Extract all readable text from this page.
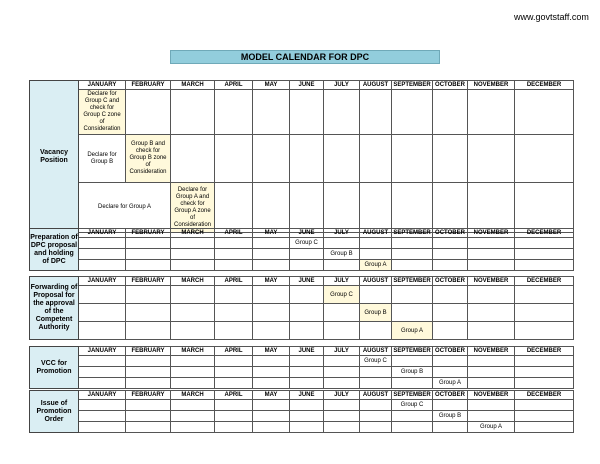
www.govtstaff.com
MODEL CALENDAR FOR DPC
Vacancy Position	JANUARY	FEBRUARY	MARCH	APRIL	MAY	JUNE	JULY	AUGUST	SEPTEMBER	OCTOBER	NOVEMBER	DECEMBER
	Declare for Group C and check for Group C zone of Consideration											
	Declare for Group B	Group B and check for Group B zone of Consideration										
	Declare for Group A		Declare for Group A and check for Group A zone of Consideration									
Preparation of DPC proposal and holding of DPC	JANUARY	FEBRUARY	MARCH	APRIL	MAY	JUNE	JULY	AUGUST	SEPTEMBER	OCTOBER	NOVEMBER	DECEMBER
						Group C						
							Group B					
								Group A				
Forwarding of Proposal for the approval of the Competent Authority	JANUARY	FEBRUARY	MARCH	APRIL	MAY	JUNE	JULY	AUGUST	SEPTEMBER	OCTOBER	NOVEMBER	DECEMBER
							Group C					
								Group B				
									Group A			
VCC for Promotion	JANUARY	FEBRUARY	MARCH	APRIL	MAY	JUNE	JULY	AUGUST	SEPTEMBER	OCTOBER	NOVEMBER	DECEMBER
								Group C				
									Group B			
										Group A		
Issue of Promotion Order	JANUARY	FEBRUARY	MARCH	APRIL	MAY	JUNE	JULY	AUGUST	SEPTEMBER	OCTOBER	NOVEMBER	DECEMBER
									Group C			
										Group B		
											Group A	
